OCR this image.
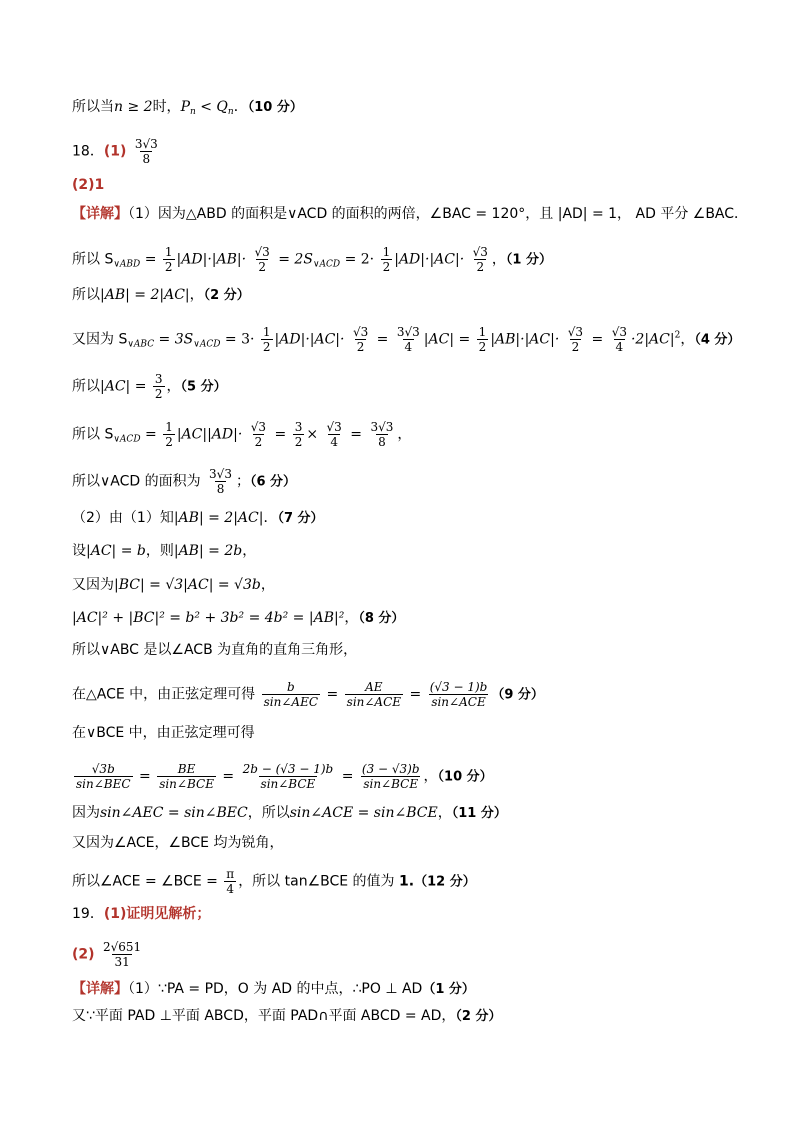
所以当n ≥ 2时，$P_n < Q_n$．（10 分）
18．$(1) \frac{3√3}{8}$
(2)1
【详解】（1）因为△ABD 的面积是∨ACD 的面积的两倍，∠BAC = 120°，且 |AD| = 1， AD 平分 ∠BAC．
所以 $S_{\vee ABD} = \frac{1}{2} |AD|\cdot|AB|\cdot \frac{√3}{2} = 2S_{\vee ACD} = 2\cdot \frac{1}{2} |AD|\cdot|AC|\cdot \frac{√3}{2}$ ，（1 分）
所以|AB| = 2|AC|，（2 分）
又因为 $S_{\vee ABC} = 3S_{\vee ACD} = 3\cdot \frac{1}{2} |AD|\cdot|AC|\cdot \frac{√3}{2} = \frac{3√3}{4} |AC| = \frac{1}{2} |AB|\cdot|AC|\cdot \frac{√3}{2} = \frac{√3}{4} \cdot 2|AC|^2$，（4 分）
所以$|AC| = \frac{3}{2}$ ，（5 分）
所以 $S_{\vee ACD} = \frac{1}{2} |AC||AD|\cdot \frac{√3}{2} = \frac{3}{2} \times \frac{√3}{4} = \frac{3√3}{8}$ ，
所以∨ACD 的面积为 $\frac{3√3}{8}$ ；（6 分）
（2）由（1）知|AB| = 2|AC|．（7 分）
设|AC| = b，则|AB| = 2b，
又因为|BC| = √3|AC| = √3b，
|AC|² + |BC|² = b² + 3b² = 4b² = |AB|²，（8 分）
所以∨ABC 是以∠ACB 为直角的直角三角形，
在△ACE 中，由正弦定理可得 $\frac{b}{\text{sin∠AEC}} = \frac{AE}{\text{sin∠ACE}} = \frac{(√3 - 1)b}{\text{sin∠ACE}} (9$ 分）
在∨BCE 中，由正弦定理可得
$\frac{√3b}{\text{sin∠BEC}} = \frac{BE}{\text{sin∠BCE}} = \frac{2b - (√3 - 1)b}{\text{sin∠BCE}} = \frac{(3 - √3)b}{\text{sin∠BCE}}$ ，（10 分）
因为sin∠AEC = sin∠BEC，所以sin∠ACE = sin∠BCE，（11 分）
又因为∠ACE，∠BCE 均为锐角，
所以∠ACE = ∠BCE = $\frac{\pi}{4}$ ，所以 tan∠BCE 的值为 1.（12 分）
19．(1)证明见解析；
$(2) \frac{2√651}{31}$
【详解】（1）∵PA = PD，O 为 AD 的中点，∴PO ⊥ AD（1 分）
又∵平面 PAD ⊥平面 ABCD，平面 PAD∩平面 ABCD = AD，（2 分）
